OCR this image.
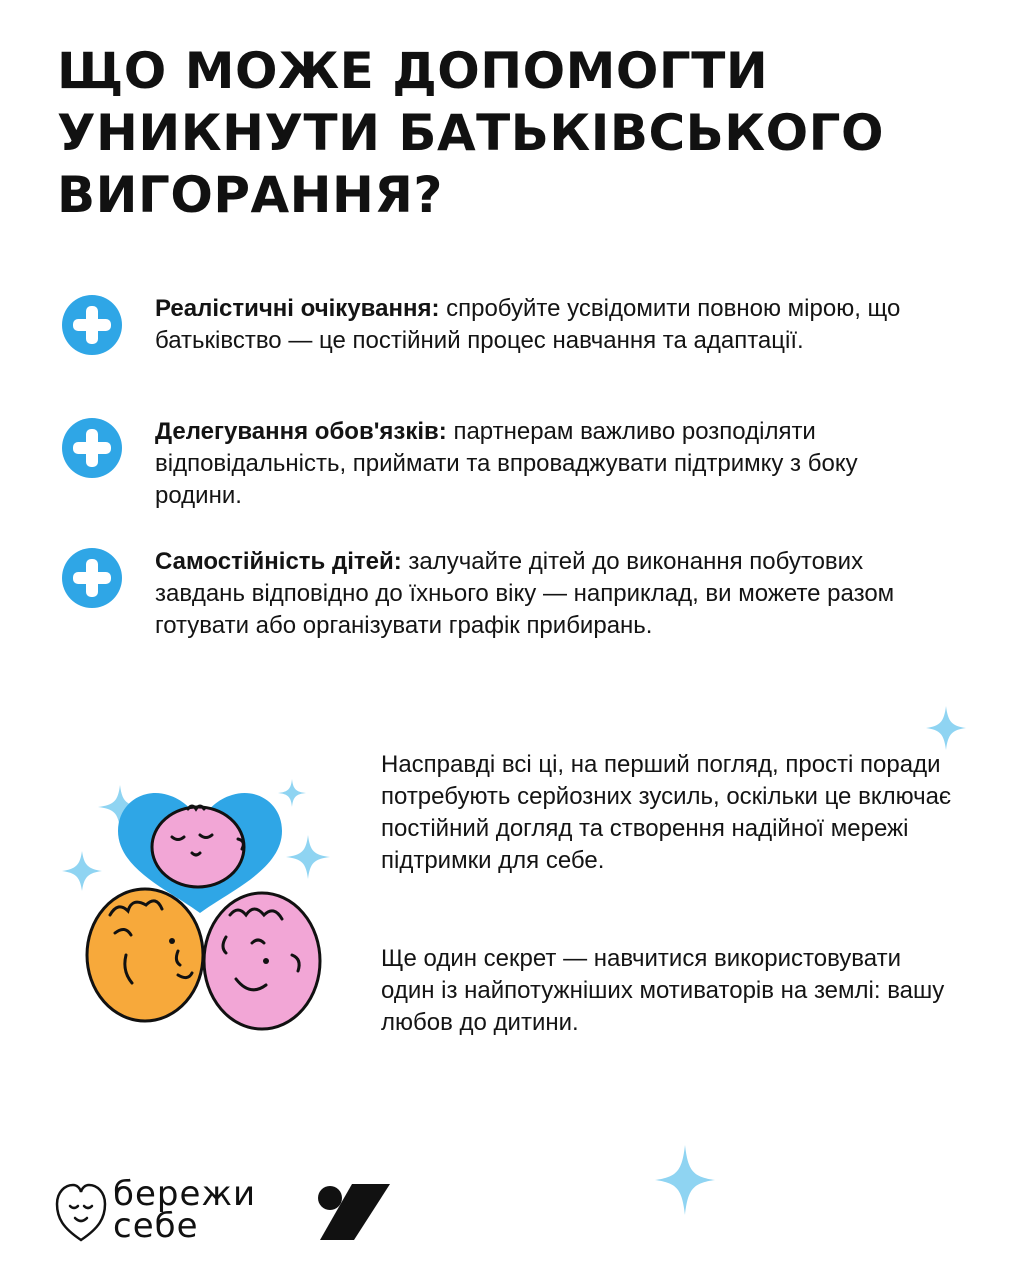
ЩО МОЖЕ ДОПОМОГТИ
УНИКНУТИ БАТЬКІВСЬКОГО
ВИГОРАННЯ?

Реалістичні очікування: спробуйте усвідомити повною мірою, що батьківство — це постійний процес навчання та адаптації.

Делегування обов'язків: партнерам важливо розподіляти відповідальність, приймати та впроваджувати підтримку з боку родини.

Самостійність дітей: залучайте дітей до виконання побутових завдань відповідно до їхнього віку — наприклад, ви можете разом готувати або організувати графік прибирань.

Насправді всі ці, на перший погляд, прості поради потребують серйозних зусиль, оскільки це включає постійний догляд та створення надійної мережі підтримки для себе.

Ще один секрет — навчитися використовувати один із найпотужніших мотиваторів на землі: вашу любов до дитини.

бережи
себе
